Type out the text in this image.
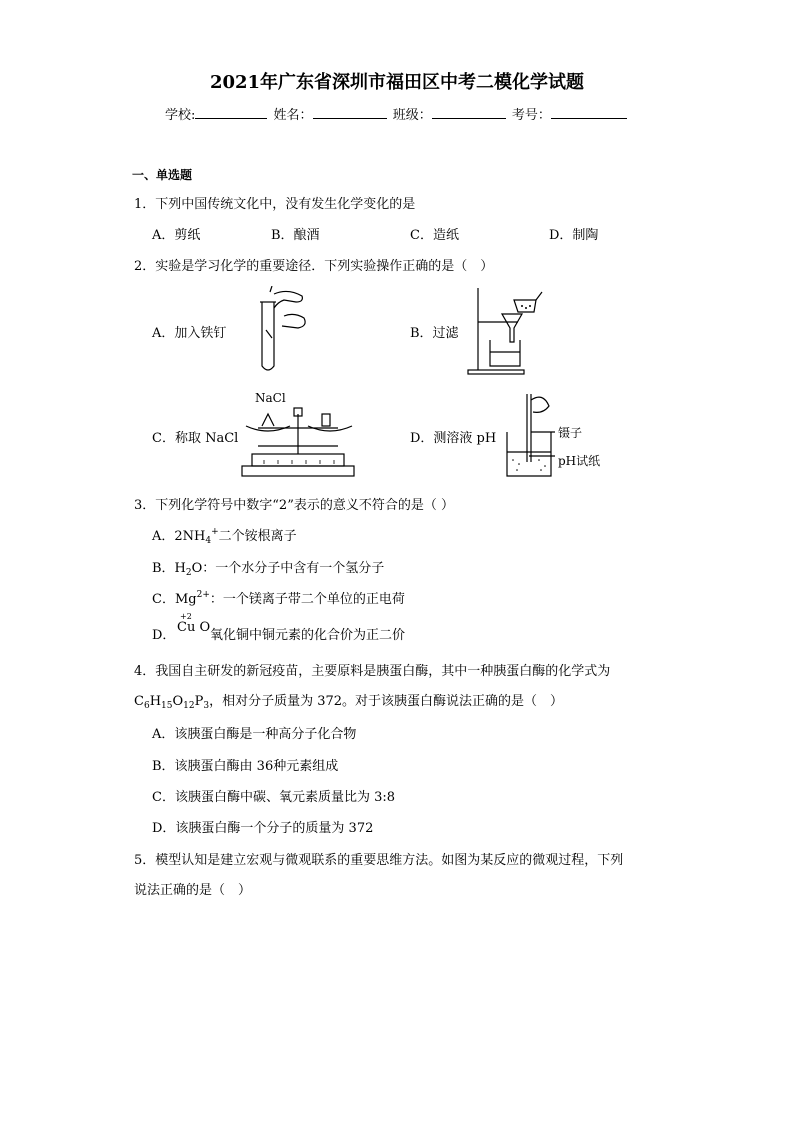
2021年广东省深圳市福田区中考二模化学试题
学校:	姓名：	班级：	考号：
一、单选题
1．下列中国传统文化中，没有发生化学变化的是
A．剪纸	B．酿酒	C．造纸	D．制陶
2．实验是学习化学的重要途径．下列实验操作正确的是（　）
A．加入铁钉	B．过滤
NaCl
C．称取 NaCl	D．测溶液 pH	镊子
pH试纸
3．下列化学符号中数字“2”表示的意义不符合的是（ ）
A．$2NH_4^+$二个铵根离子
B．$H_2O$：一个水分子中含有一个氢分子
C．$Mg^{2+}$：一个镁离子带二个单位的正电荷
D．
+2
Cu O
氧化铜中铜元素的化合价为正二价
4．我国自主研发的新冠疫苗，主要原料是胰蛋白酶，其中一种胰蛋白酶的化学式为
$C_6H_{15}O_{12}P_3$，相对分子质量为 372。对于该胰蛋白酶说法正确的是（　）
A．该胰蛋白酶是一种高分子化合物
B．该胰蛋白酶由 36种元素组成
C．该胰蛋白酶中碳、氧元素质量比为 3:8
D．该胰蛋白酶一个分子的质量为 372
5．模型认知是建立宏观与微观联系的重要思维方法。如图为某反应的微观过程，下列
说法正确的是（　）
